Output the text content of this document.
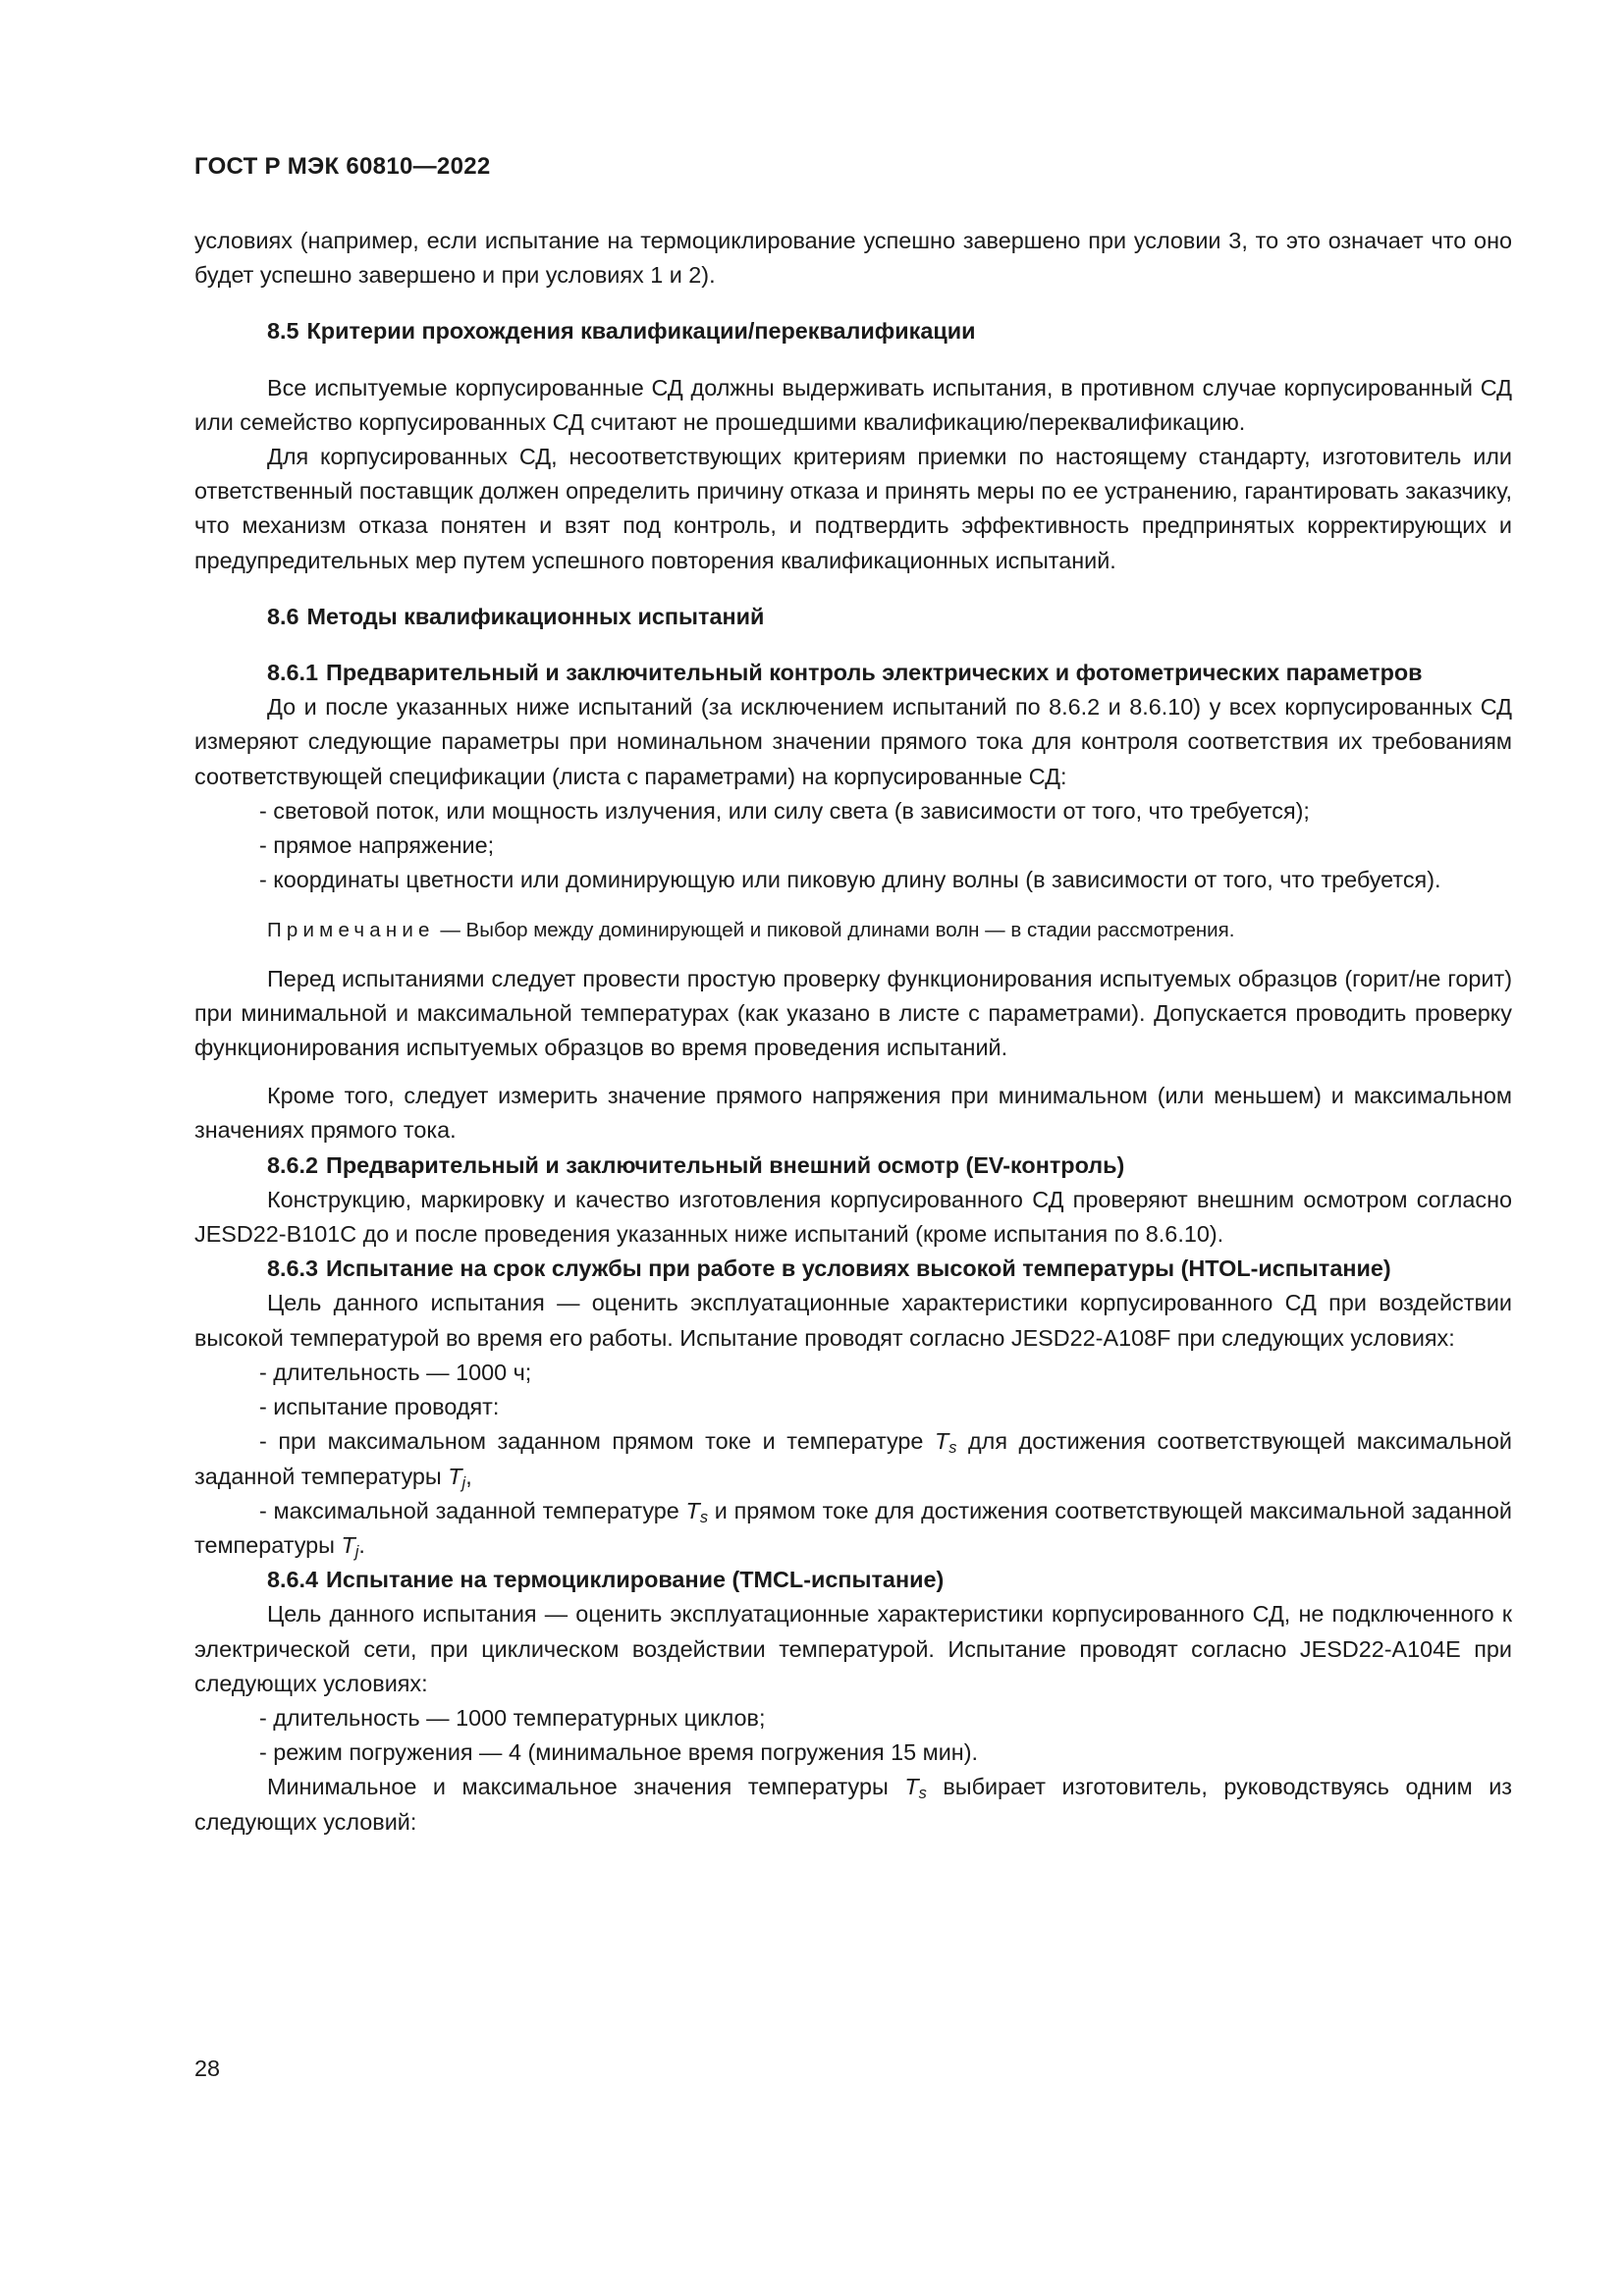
ГОСТ Р МЭК 60810—2022

условиях (например, если испытание на термоциклирование успешно завершено при условии 3, то это означает что оно будет успешно завершено и при условиях 1 и 2).

8.5 Критерии прохождения квалификации/переквалификации

Все испытуемые корпусированные СД должны выдерживать испытания, в противном случае корпусированный СД или семейство корпусированных СД считают не прошедшими квалификацию/переквалификацию.

Для корпусированных СД, несоответствующих критериям приемки по настоящему стандарту, изготовитель или ответственный поставщик должен определить причину отказа и принять меры по ее устранению, гарантировать заказчику, что механизм отказа понятен и взят под контроль, и подтвердить эффективность предпринятых корректирующих и предупредительных мер путем успешного повторения квалификационных испытаний.

8.6 Методы квалификационных испытаний

8.6.1 Предварительный и заключительный контроль электрических и фотометрических параметров

До и после указанных ниже испытаний (за исключением испытаний по 8.6.2 и 8.6.10) у всех корпусированных СД измеряют следующие параметры при номинальном значении прямого тока для контроля соответствия их требованиям соответствующей спецификации (листа с параметрами) на корпусированные СД:

- световой поток, или мощность излучения, или силу света (в зависимости от того, что требуется);

- прямое напряжение;

- координаты цветности или доминирующую или пиковую длину волны (в зависимости от того, что требуется).

Примечание — Выбор между доминирующей и пиковой длинами волн — в стадии рассмотрения.

Перед испытаниями следует провести простую проверку функционирования испытуемых образцов (горит/не горит) при минимальной и максимальной температурах (как указано в листе с параметрами). Допускается проводить проверку функционирования испытуемых образцов во время проведения испытаний.

Кроме того, следует измерить значение прямого напряжения при минимальном (или меньшем) и максимальном значениях прямого тока.

8.6.2 Предварительный и заключительный внешний осмотр (EV-контроль)

Конструкцию, маркировку и качество изготовления корпусированного СД проверяют внешним осмотром согласно JESD22-B101C до и после проведения указанных ниже испытаний (кроме испытания по 8.6.10).

8.6.3 Испытание на срок службы при работе в условиях высокой температуры (HTOL-испытание)

Цель данного испытания — оценить эксплуатационные характеристики корпусированного СД при воздействии высокой температурой во время его работы. Испытание проводят согласно JESD22-A108F при следующих условиях:

- длительность — 1000 ч;

- испытание проводят:

- при максимальном заданном прямом токе и температуре $T_s$ для достижения соответствующей максимальной заданной температуры $T_j$,

- максимальной заданной температуре $T_s$ и прямом токе для достижения соответствующей максимальной заданной температуры $T_j$.

8.6.4 Испытание на термоциклирование (TMCL-испытание)

Цель данного испытания — оценить эксплуатационные характеристики корпусированного СД, не подключенного к электрической сети, при циклическом воздействии температурой. Испытание проводят согласно JESD22-A104E при следующих условиях:

- длительность — 1000 температурных циклов;

- режим погружения — 4 (минимальное время погружения 15 мин).

Минимальное и максимальное значения температуры $T_s$ выбирает изготовитель, руководствуясь одним из следующих условий:

28
